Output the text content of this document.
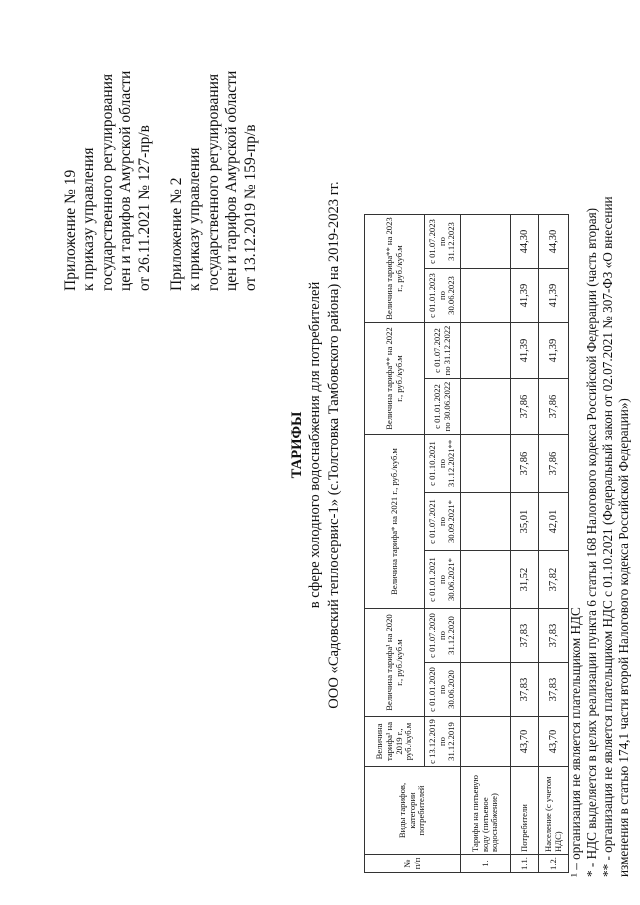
Приложение № 19 к приказу управления государственного регулирования цен и тарифов Амурской области от 26.11.2021 № 127-пр/в Приложение № 2 к приказу управления государственного регулирования цен и тарифов Амурской области от 13.12.2019 № 159-пр/в
ТАРИФЫ в сфере холодного водоснабжения для потребителей ООО «Садовский теплосервис-1» (с.Толстовка Тамбовского района) на 2019-2023 гг.
№ п/п	Виды тарифов, категории потребителей	Величина тарифа¹ на 2019 г., руб./куб.м	Величина тарифа¹ на 2020 г., руб./куб.м		Величина тарифа* на 2021 г., руб./куб.м			Величина тарифа** на 2022 г., руб./куб.м		Величина тарифа** на 2023 г., руб./куб.м	
		с 13.12.2019 по 31.12.2019	с 01.01.2020 по 30.06.2020	с 01.07.2020 по 31.12.2020	с 01.01.2021 по 30.06.2021*	с 01.07.2021 по 30.09.2021*	с 01.10.2021 по 31.12.2021**	с 01.01.2022 по 30.06.2022	с 01.07.2022 по 31.12.2022	с 01.01.2023 по 30.06.2023	с 01.07.2023 по 31.12.2023
1.	Тарифы на питьевую воду (питьевое водоснабжение)										
1.1.	Потребители	43,70	37,83	37,83	31,52	35,01	37,86	37,86	41,39	41,39	44,30
1.2.	Население (с учетом НДС)	43,70	37,83	37,83	37,82	42,01	37,86	37,86	41,39	41,39	44,30
¹ – организация не является плательщиком НДС * - НДС выделяется в целях реализации пункта 6 статьи 168 Налогового кодекса Российской Федерации (часть вторая) ** - организация не является плательщиком НДС с 01.10.2021 (Федеральный закон от 02.07.2021 № 307-ФЗ «О внесении изменения в статью 174,1 части второй Налогового кодекса Российской Федерации»)
